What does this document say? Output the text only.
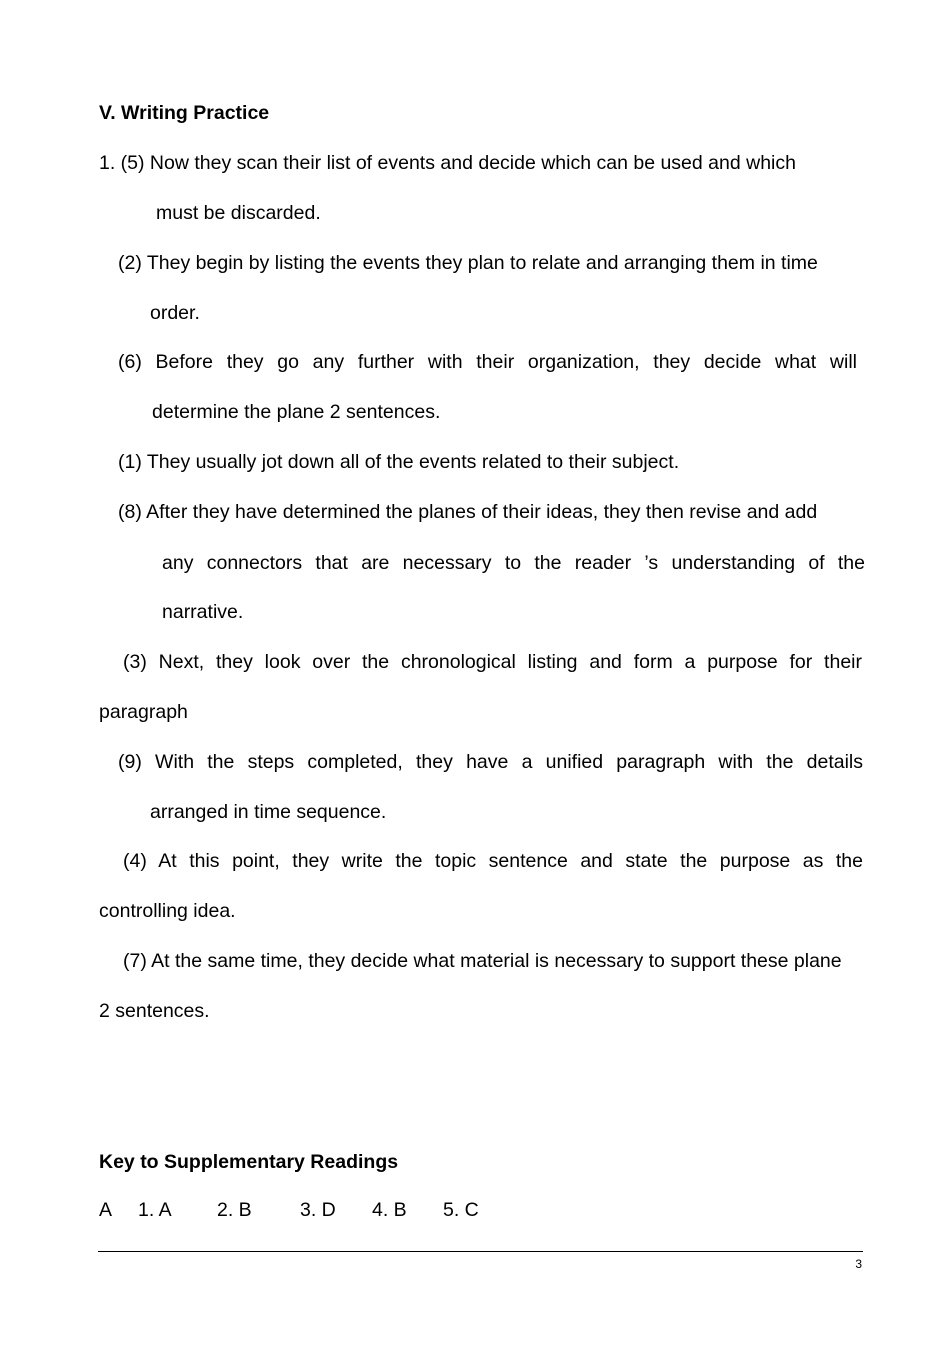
V. Writing Practice
1. (5) Now they scan their list of events and decide which can be used and which
must be discarded.
(2) They begin by listing the events they plan to relate and arranging them in time
order.
(6) Before they go any further with their organization, they decide what will
determine the plane 2 sentences.
(1) They usually jot down all of the events related to their subject.
(8) After they have determined the planes of their ideas, they then revise and add
any connectors that are necessary to the reader ’s understanding of the
narrative.
(3) Next, they look over the chronological listing and form a purpose for their
paragraph
(9) With the steps completed, they have a unified paragraph with the details
arranged in time sequence.
(4) At this point, they write the topic sentence and state the purpose as the
controlling idea.
(7) At the same time, they decide what material is necessary to support these plane
2 sentences.
Key to Supplementary Readings
A 1. A 2. B 3. D 4. B 5. C
3
